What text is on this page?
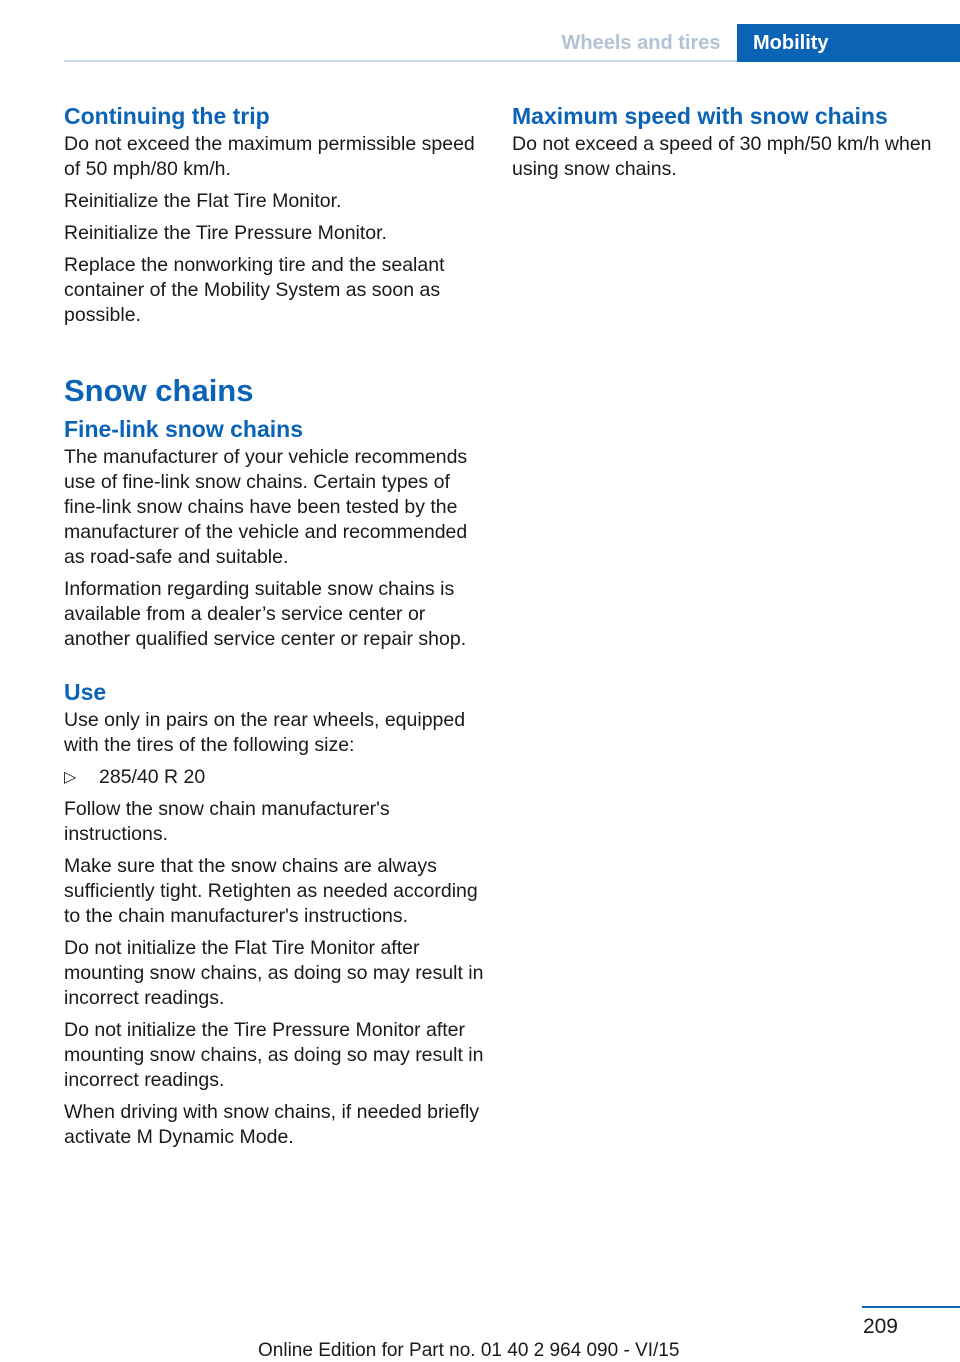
Wheels and tires	Mobility
Continuing the trip

Do not exceed the maximum permissible speed of 50 mph/80 km/h.

Reinitialize the Flat Tire Monitor.

Reinitialize the Tire Pressure Monitor.

Replace the nonworking tire and the sealant container of the Mobility System as soon as possible.

Snow chains
Fine-link snow chains

The manufacturer of your vehicle recommends use of fine-link snow chains. Certain types of fine-link snow chains have been tested by the manufacturer of the vehicle and recommended as road-safe and suitable.

Information regarding suitable snow chains is available from a dealer’s service center or another qualified service center or repair shop.

Use

Use only in pairs on the rear wheels, equipped with the tires of the following size:

▷ 285/40 R 20

Follow the snow chain manufacturer's instructions.

Make sure that the snow chains are always sufficiently tight. Retighten as needed according to the chain manufacturer's instructions.

Do not initialize the Flat Tire Monitor after mounting snow chains, as doing so may result in incorrect readings.

Do not initialize the Tire Pressure Monitor after mounting snow chains, as doing so may result in incorrect readings.

When driving with snow chains, if needed briefly activate M Dynamic Mode.

Maximum speed with snow chains

Do not exceed a speed of 30 mph/50 km/h when using snow chains.

209
Online Edition for Part no. 01 40 2 964 090 - VI/15
